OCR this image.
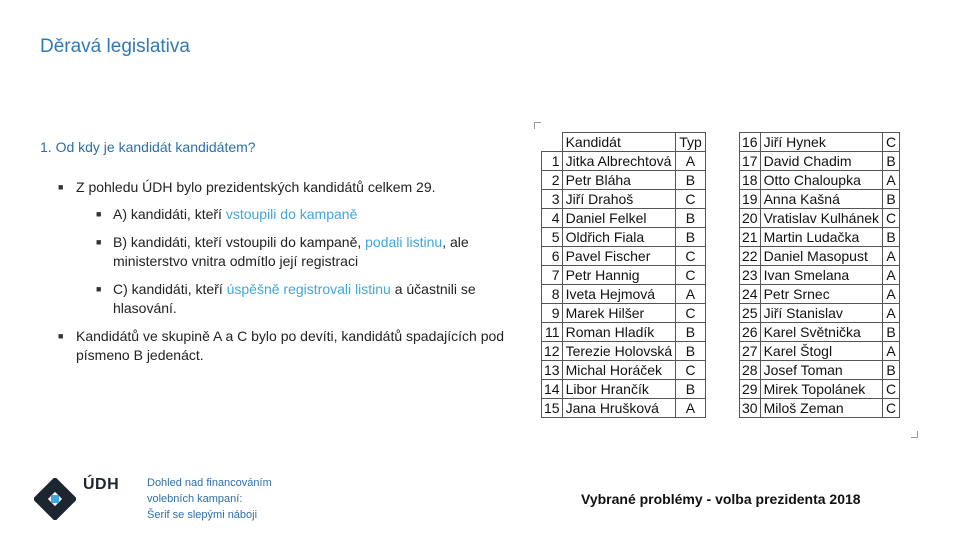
Děravá legislativa
1. Od kdy je kandidát kandidátem?
■ Z pohledu ÚDH bylo prezidentských kandidátů celkem 29.
■ A) kandidáti, kteří vstoupili do kampaně
■ B) kandidáti, kteří vstoupili do kampaně, podali listinu, ale ministerstvo vnitra odmítlo její registraci
■ C) kandidáti, kteří úspěšně registrovali listinu a účastnili se hlasování.
■ Kandidátů ve skupině A a C bylo po devíti, kandidátů spadajících pod písmeno B jedenáct.
	Kandidát	Typ
1	Jitka Albrechtová	A
2	Petr Bláha	B
3	Jiří Drahoš	C
4	Daniel Felkel	B
5	Oldřich Fiala	B
6	Pavel Fischer	C
7	Petr Hannig	C
8	Iveta Hejmová	A
9	Marek Hilšer	C
11	Roman Hladík	B
12	Terezie Holovská	B
13	Michal Horáček	C
14	Libor Hrančík	B
15	Jana Hrušková	A
16	Jiří Hynek	C
17	David Chadim	B
18	Otto Chaloupka	A
19	Anna Kašná	B
20	Vratislav Kulhánek	C
21	Martin Ludačka	B
22	Daniel Masopust	A
23	Ivan Smelana	A
24	Petr Srnec	A
25	Jiří Stanislav	A
26	Karel Světnička	B
27	Karel Štogl	A
28	Josef Toman	B
29	Mirek Topolánek	C
30	Miloš Zeman	C
ÚDH	Dohled nad financováním
volebních kampaní:
Šerif se slepými náboji
Vybrané problémy - volba prezidenta 2018
